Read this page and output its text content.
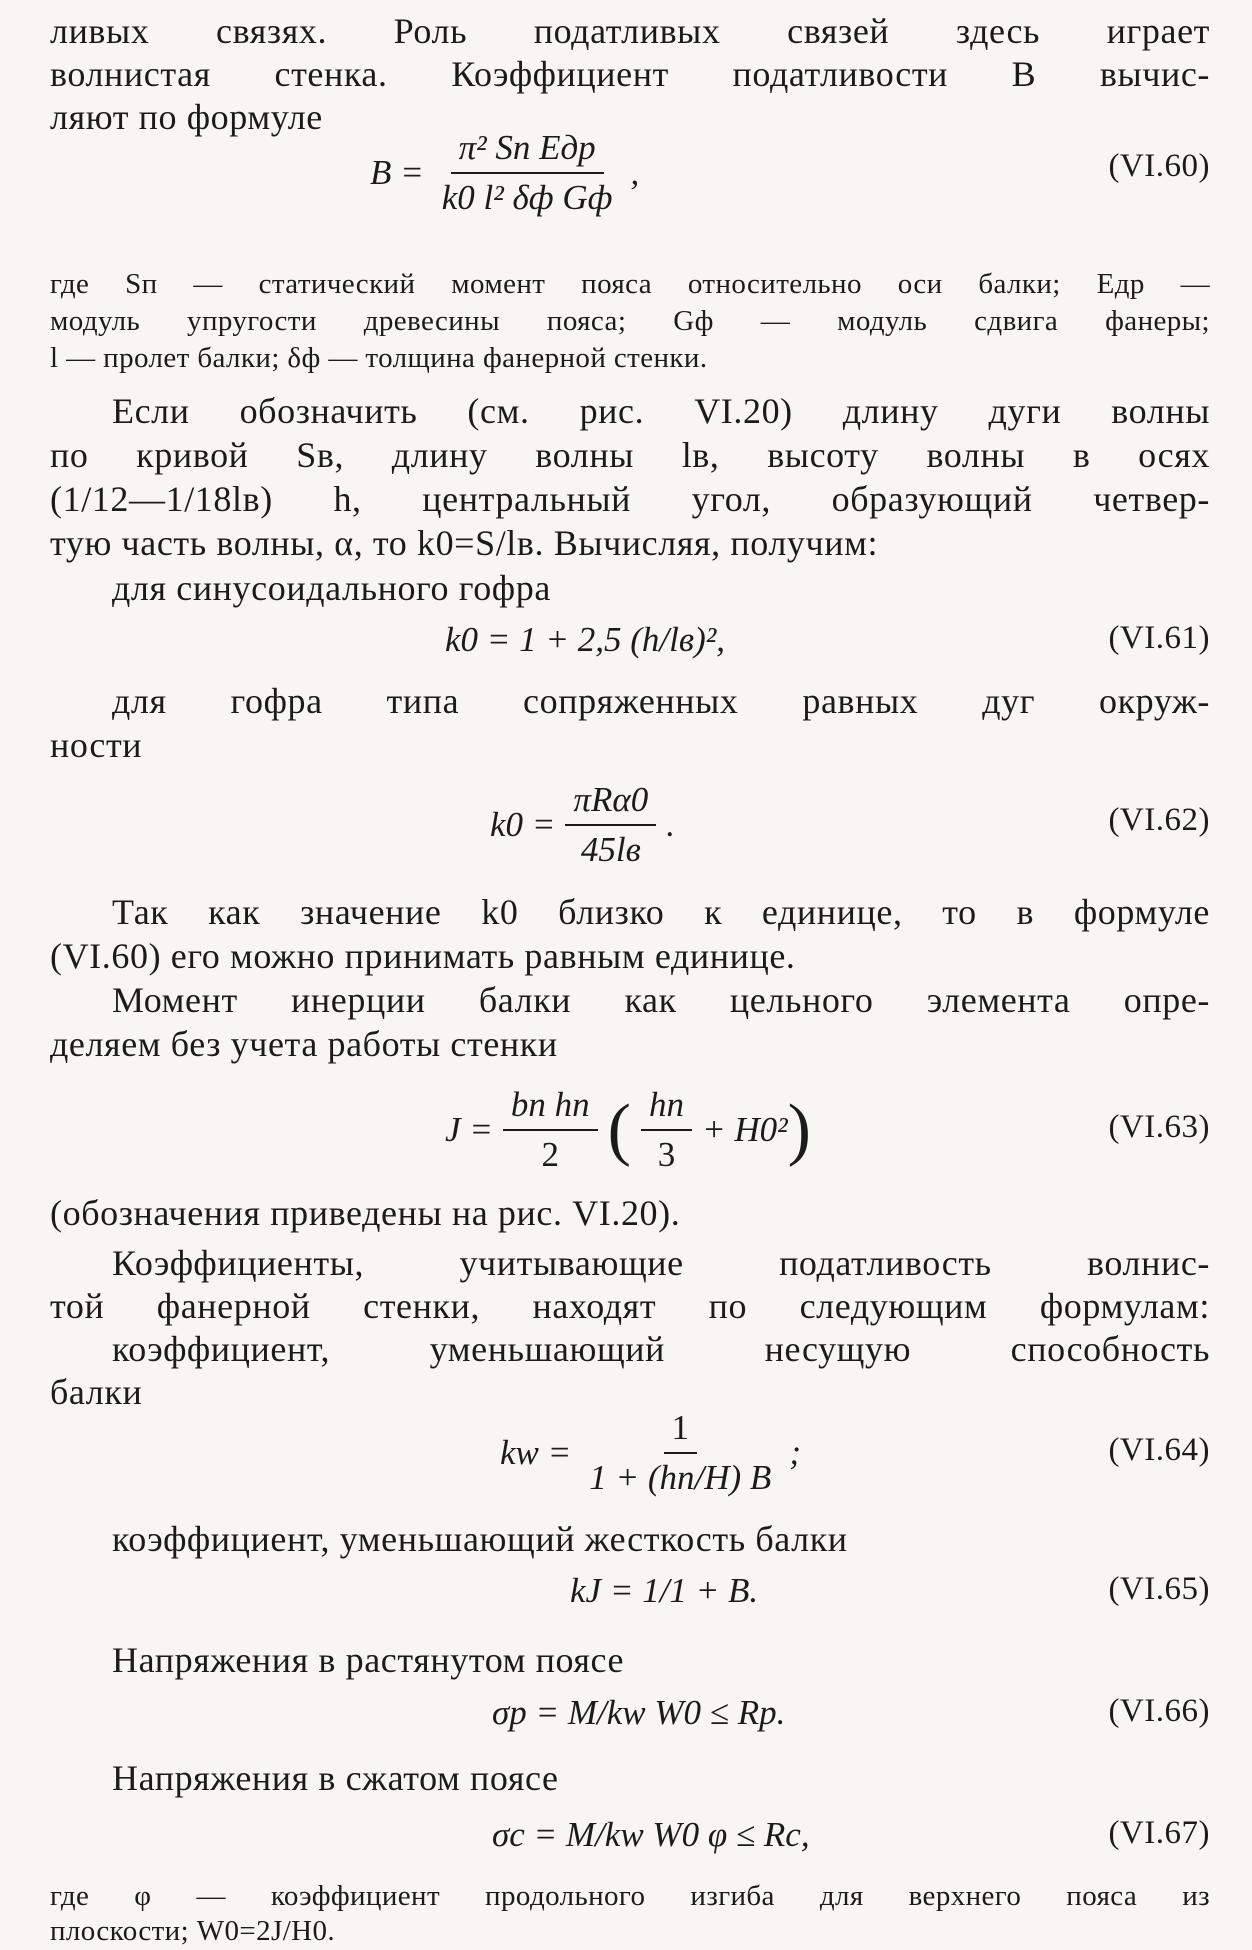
ливых связях. Роль податливых связей здесь играет
волнистая стенка. Коэффициент податливости B вычис-
ляют по формуле
$B = \frac{\text{π² Sп Eдр}}{\text{k0 l² δф Gф}}$ ,	(VI.60)
где Sп — статический момент пояса относительно оси балки; Eдр —
модуль упругости древесины пояса; Gф — модуль сдвига фанеры;
l — пролет балки; δф — толщина фанерной стенки.
Если обозначить (см. рис. VI.20) длину дуги волны
по кривой Sв, длину волны lв, высоту волны в осях
(1/12—1/18lв) h, центральный угол, образующий четвер-
тую часть волны, α, то k0=S/lв. Вычисляя, получим:
для синусоидального гофра
k0 = 1 + 2,5 (h/lв)²,	(VI.61)
для гофра типа сопряженных равных дуг окруж-
ности
$k0 = \frac{\text{πRα0}}{45lв}$ .	(VI.62)
Так как значение k0 близко к единице, то в формуле
(VI.60) его можно принимать равным единице.
Момент инерции балки как цельного элемента опре-
деляем без учета работы стенки
$J = \frac{\text{bп hп}}{2}$ ( $\frac{hп}{3} + H0^2$ )	(VI.63)
(обозначения приведены на рис. VI.20).
Коэффициенты, учитывающие податливость волнис-
той фанерной стенки, находят по следующим формулам:
коэффициент, уменьшающий несущую способность
балки
kw = $\frac{1}{1 + (hп/H) B}$ ;	(VI.64)
коэффициент, уменьшающий жесткость балки
kJ = 1/1 + B.	(VI.65)
Напряжения в растянутом поясе
σр = M/kw W0 ≤ Rр.	(VI.66)
Напряжения в сжатом поясе
σс = M/kw W0 φ ≤ Rс,	(VI.67)
где φ — коэффициент продольного изгиба для верхнего пояса из
плоскости; W0=2J/H0.
